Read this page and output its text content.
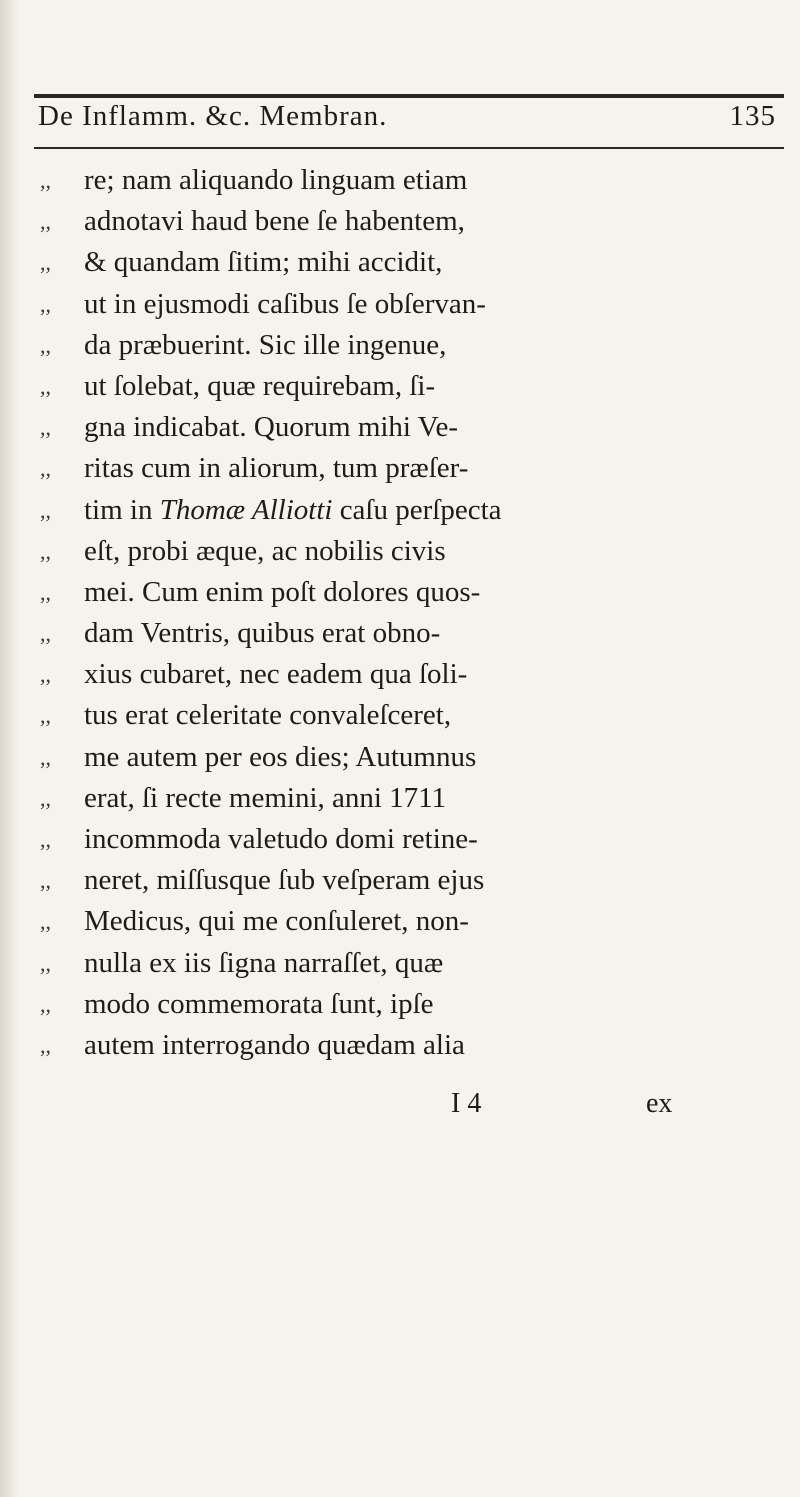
De Inflamm. &c. Membran.	135
,,	re; nam aliquando linguam etiam
,,	adnotavi haud bene ſe habentem,
,,	& quandam ſitim; mihi accidit,
,,	ut in ejusmodi caſibus ſe obſervan-
,,	da præbuerint. Sic ille ingenue,
,,	ut ſolebat, quæ requirebam, ſi-
,,	gna indicabat. Quorum mihi Ve-
,,	ritas cum in aliorum, tum præſer-
,,	tim in Thomæ Alliotti caſu perſpecta
,,	eſt, probi æque, ac nobilis civis
,,	mei. Cum enim poſt dolores quos-
,,	dam Ventris, quibus erat obno-
,,	xius cubaret, nec eadem qua ſoli-
,,	tus erat celeritate convaleſceret,
,,	me autem per eos dies; Autumnus
,,	erat, ſi recte memini, anni 1711
,,	incommoda valetudo domi retine-
,,	neret, miſſusque ſub veſperam ejus
,,	Medicus, qui me conſuleret, non-
,,	nulla ex iis ſigna narraſſet, quæ
,,	modo commemorata ſunt, ipſe
,,	autem interrogando quædam alia
I 4	ex
